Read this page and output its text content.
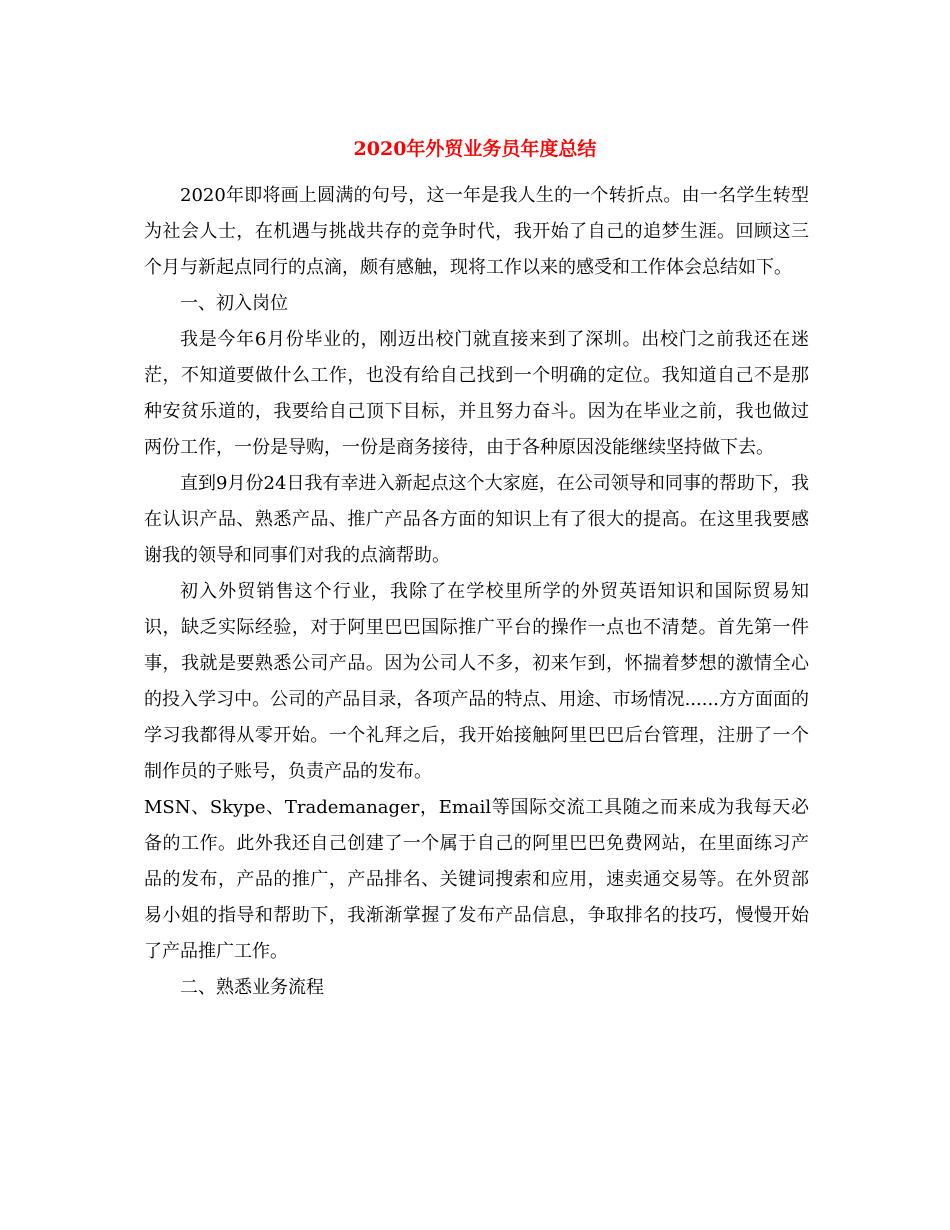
2020年外贸业务员年度总结

2020年即将画上圆满的句号，这一年是我人生的一个转折点。由一名学生转型为社会人士，在机遇与挑战共存的竞争时代，我开始了自己的追梦生涯。回顾这三个月与新起点同行的点滴，颇有感触，现将工作以来的感受和工作体会总结如下。

一、初入岗位

我是今年6月份毕业的，刚迈出校门就直接来到了深圳。出校门之前我还在迷茫，不知道要做什么工作，也没有给自己找到一个明确的定位。我知道自己不是那种安贫乐道的，我要给自己顶下目标，并且努力奋斗。因为在毕业之前，我也做过两份工作，一份是导购，一份是商务接待，由于各种原因没能继续坚持做下去。

直到9月份24日我有幸进入新起点这个大家庭，在公司领导和同事的帮助下，我在认识产品、熟悉产品、推广产品各方面的知识上有了很大的提高。在这里我要感谢我的领导和同事们对我的点滴帮助。

初入外贸销售这个行业，我除了在学校里所学的外贸英语知识和国际贸易知识，缺乏实际经验，对于阿里巴巴国际推广平台的操作一点也不清楚。首先第一件事，我就是要熟悉公司产品。因为公司人不多，初来乍到，怀揣着梦想的激情全心的投入学习中。公司的产品目录，各项产品的特点、用途、市场情况......方方面面的学习我都得从零开始。一个礼拜之后，我开始接触阿里巴巴后台管理，注册了一个制作员的子账号，负责产品的发布。

MSN、Skype、Trademanager，Email等国际交流工具随之而来成为我每天必备的工作。此外我还自己创建了一个属于自己的阿里巴巴免费网站，在里面练习产品的发布，产品的推广，产品排名、关键词搜索和应用，速卖通交易等。在外贸部易小姐的指导和帮助下，我渐渐掌握了发布产品信息，争取排名的技巧，慢慢开始了产品推广工作。

二、熟悉业务流程
